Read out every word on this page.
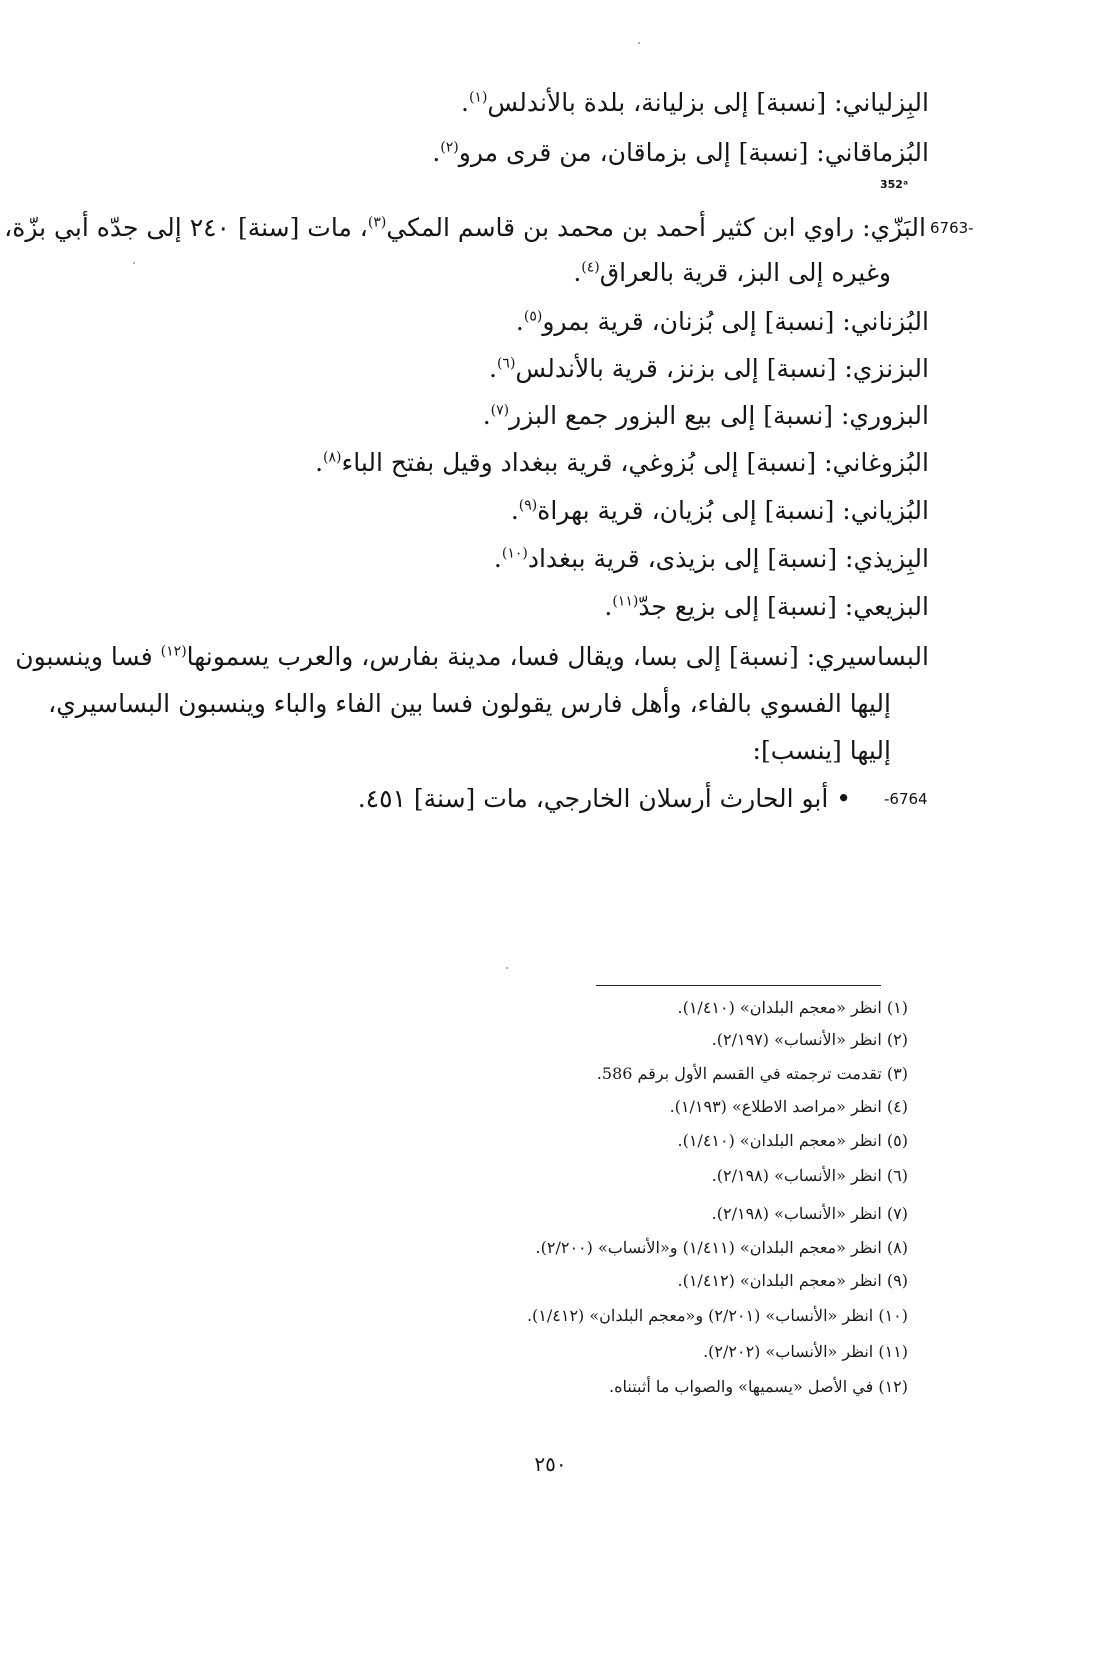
البِزلياني: [نسبة] إلى بزليانة، بلدة بالأندلس$^{(١)}$.
البُزماقاني: [نسبة] إلى بزماقان، من قرى مرو$^{(٢)}$.
352ᵃ
6763-
البَزّي: راوي ابن كثير أحمد بن محمد بن قاسم المكي$^{(٣)}$، مات [سنة] ٢٤٠ إلى جدّه أبي بزّة،
وغيره إلى البز، قرية بالعراق$^{(٤)}$.
البُزناني: [نسبة] إلى بُزنان، قرية بمرو$^{(٥)}$.
البزنزي: [نسبة] إلى بزنز، قرية بالأندلس$^{(٦)}$.
البزوري: [نسبة] إلى بيع البزور جمع البزر$^{(٧)}$.
البُزوغاني: [نسبة] إلى بُزوغي، قرية ببغداد وقيل بفتح الباء$^{(٨)}$.
البُزياني: [نسبة] إلى بُزيان، قرية بهراة$^{(٩)}$.
البِزيذي: [نسبة] إلى بزيذى، قرية ببغداد$^{(١٠)}$.
البزيعي: [نسبة] إلى بزيع جدّ$^{(١١)}$.
البساسيري: [نسبة] إلى بسا، ويقال فسا، مدينة بفارس، والعرب يسمونها$^{(١٢)}$ فسا وينسبون
إليها الفسوي بالفاء، وأهل فارس يقولون فسا بين الفاء والباء وينسبون البساسيري،
إليها [ينسب]:
-6764
• أبو الحارث أرسلان الخارجي، مات [سنة] ٤٥١.
(١) انظر «معجم البلدان» (١/٤١٠).
(٢) انظر «الأنساب» (٢/١٩٧).
(٣) تقدمت ترجمته في القسم الأول برقم 586.
(٤) انظر «مراصد الاطلاع» (١/١٩٣).
(٥) انظر «معجم البلدان» (١/٤١٠).
(٦) انظر «الأنساب» (٢/١٩٨).
(٧) انظر «الأنساب» (٢/١٩٨).
(٨) انظر «معجم البلدان» (١/٤١١) و«الأنساب» (٢/٢٠٠).
(٩) انظر «معجم البلدان» (١/٤١٢).
(١٠) انظر «الأنساب» (٢/٢٠١) و«معجم البلدان» (١/٤١٢).
(١١) انظر «الأنساب» (٢/٢٠٢).
(١٢) في الأصل «يسميها» والصواب ما أثبتناه.
٢٥٠
